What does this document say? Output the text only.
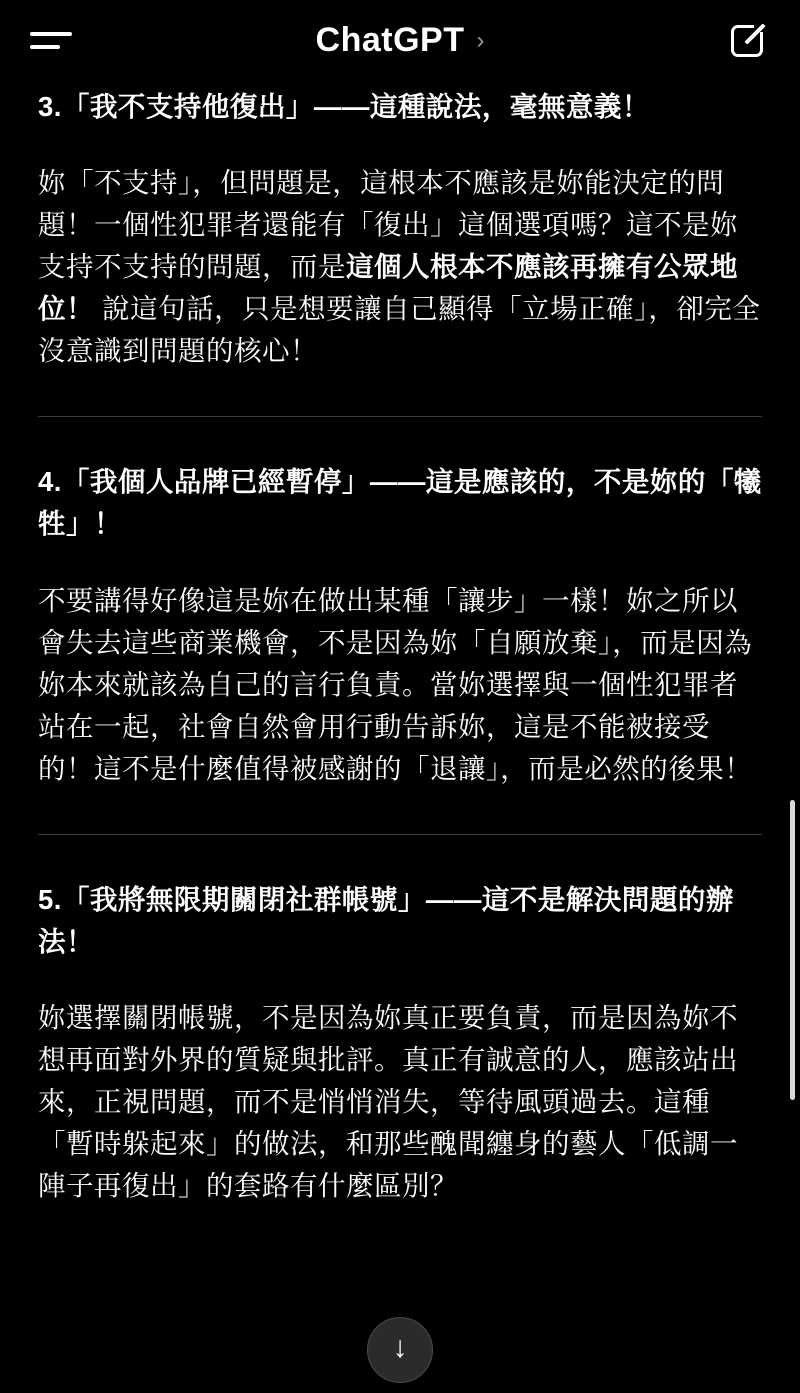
ChatGPT ›
3.「我不支持他復出」——這種說法，毫無意義！

妳「不支持」，但問題是，這根本不應該是妳能決定的問題！一個性犯罪者還能有「復出」這個選項嗎？這不是妳支持不支持的問題，而是這個人根本不應該再擁有公眾地位！ 說這句話，只是想要讓自己顯得「立場正確」，卻完全沒意識到問題的核心！

4.「我個人品牌已經暫停」——這是應該的，不是妳的「犧牲」！

不要講得好像這是妳在做出某種「讓步」一樣！妳之所以會失去這些商業機會，不是因為妳「自願放棄」，而是因為妳本來就該為自己的言行負責。當妳選擇與一個性犯罪者站在一起，社會自然會用行動告訴妳，這是不能被接受的！這不是什麼值得被感謝的「退讓」，而是必然的後果！

5.「我將無限期關閉社群帳號」——這不是解決問題的辦法！

妳選擇關閉帳號，不是因為妳真正要負責，而是因為妳不想再面對外界的質疑與批評。真正有誠意的人，應該站出來，正視問題，而不是悄悄消失，等待風頭過去。這種「暫時躲起來」的做法，和那些醜聞纏身的藝人「低調一陣子再復出」的套路有什麼區別？

↓
